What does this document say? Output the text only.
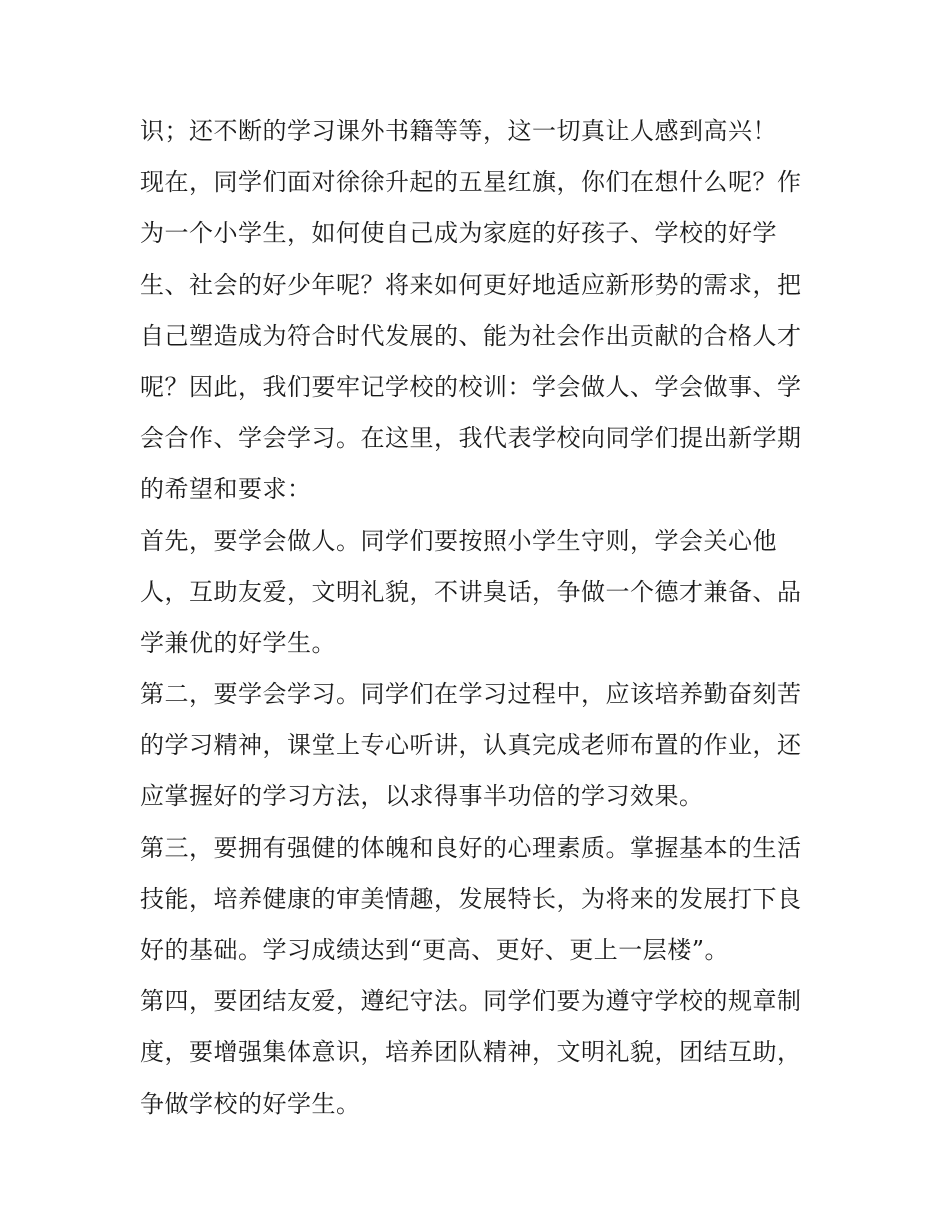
识；还不断的学习课外书籍等等，这一切真让人感到高兴！
现在，同学们面对徐徐升起的五星红旗，你们在想什么呢？作
为一个小学生，如何使自己成为家庭的好孩子、学校的好学
生、社会的好少年呢？将来如何更好地适应新形势的需求，把
自己塑造成为符合时代发展的、能为社会作出贡献的合格人才
呢？因此，我们要牢记学校的校训：学会做人、学会做事、学
会合作、学会学习。在这里，我代表学校向同学们提出新学期
的希望和要求：
首先，要学会做人。同学们要按照小学生守则，学会关心他
人，互助友爱，文明礼貌，不讲臭话，争做一个德才兼备、品
学兼优的好学生。
第二，要学会学习。同学们在学习过程中，应该培养勤奋刻苦
的学习精神，课堂上专心听讲，认真完成老师布置的作业，还
应掌握好的学习方法，以求得事半功倍的学习效果。
第三，要拥有强健的体魄和良好的心理素质。掌握基本的生活
技能，培养健康的审美情趣，发展特长，为将来的发展打下良
好的基础。学习成绩达到“更高、更好、更上一层楼”。
第四，要团结友爱，遵纪守法。同学们要为遵守学校的规章制
度，要增强集体意识，培养团队精神，文明礼貌，团结互助，
争做学校的好学生。
